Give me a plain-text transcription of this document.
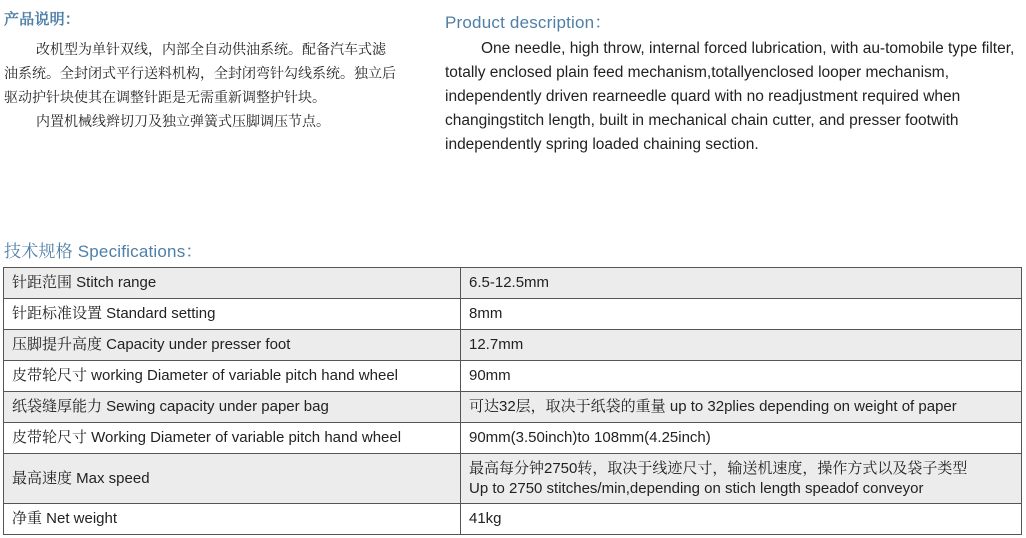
产品说明：

改机型为单针双线，内部全自动供油系统。配备汽车式滤油系统。全封闭式平行送料机构，全封闭弯针勾线系统。独立后驱动护针块使其在调整针距是无需重新调整护针块。

内置机械线辫切刀及独立弹簧式压脚调压节点。

Product description：

One needle, high throw, internal forced lubrication, with au-tomobile type filter, totally enclosed plain feed mechanism,totallyenclosed looper mechanism, independently driven rearneedle quard with no readjustment required when changingstitch length, built in mechanical chain cutter, and presser footwith independently spring loaded chaining section.

技术规格 Specifications：
针距范围 Stitch range	6.5-12.5mm
针距标准设置 Standard setting	8mm
压脚提升高度 Capacity under presser foot	12.7mm
皮带轮尺寸 working Diameter of variable pitch hand wheel	90mm
纸袋缝厚能力 Sewing capacity under paper bag	可达32层，取决于纸袋的重量 up to 32plies depending on weight of paper
皮带轮尺寸 Working Diameter of variable pitch hand wheel	90mm(3.50inch)to 108mm(4.25inch)
最高速度 Max speed	最高每分钟2750转，取决于线迹尺寸，输送机速度，操作方式以及袋子类型
Up to 2750 stitches/min,depending on stich length speadof conveyor

净重 Net weight	41kg
